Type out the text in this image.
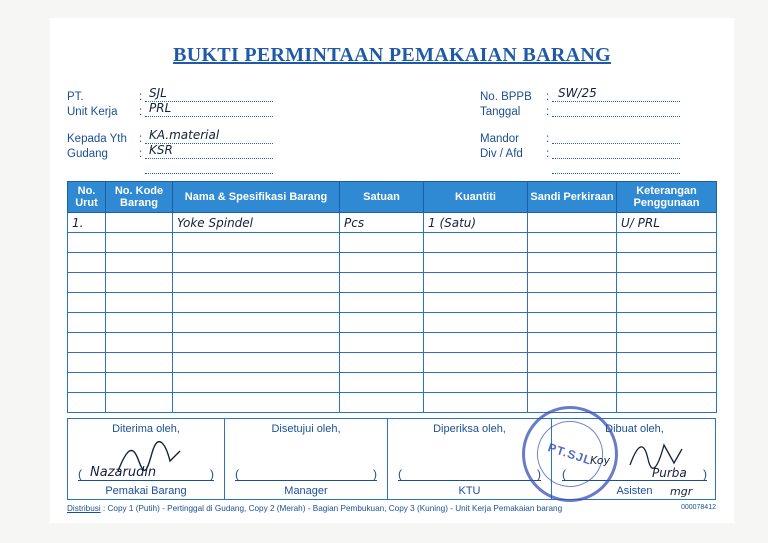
BUKTI PERMINTAAN PEMAKAIAN BARANG
PT.	: SJL
Unit Kerja : PRL
Kepada Yth : KA.material
Gudang	: KSR
No. BPPB : SW/25
Tanggal :
Mandor :
Div / Afd :
No. Urut	No. Kode Barang	Nama & Spesifikasi Barang	Satuan	Kuantiti	Sandi Perkiraan	Keterangan Penggunaan
1.		Yoke Spindel	Pcs	1 (Satu)		U/ PRL

Diterima oleh,
( Nazarudin	)
Pemakai Barang
Disetujui oleh,
(	)
Manager
Diperiksa oleh,
(	)
KTU
Dibuat oleh,
Koy
(	Purba )
Asisten	mgr
PT.SJL
Distribusi : Copy 1 (Putih) - Pertinggal di Gudang, Copy 2 (Merah) - Bagian Pembukuan, Copy 3 (Kuning) - Unit Kerja Pemakaian barang	000078412
